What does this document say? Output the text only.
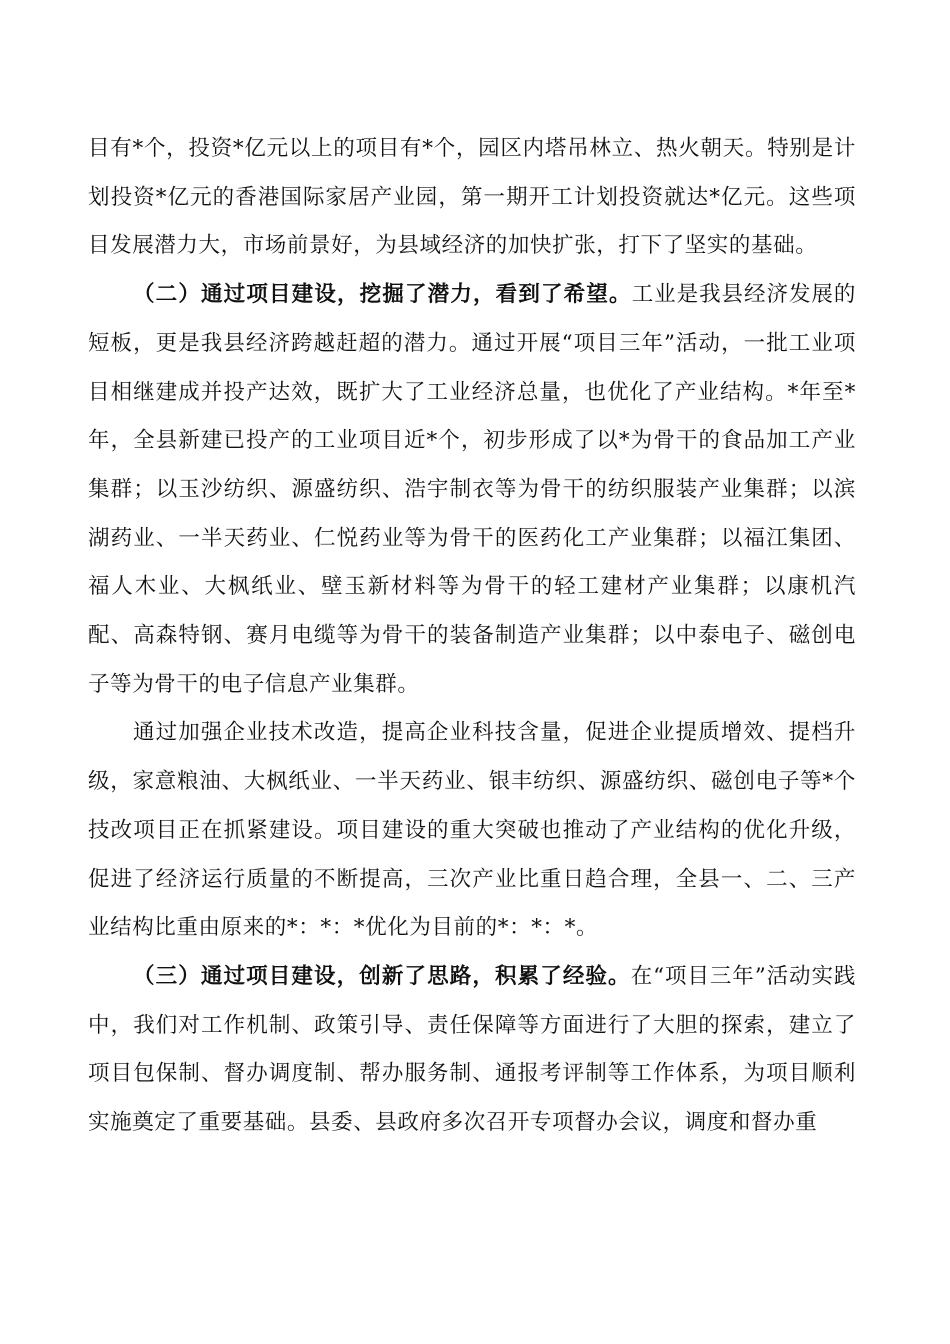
目有*个，投资*亿元以上的项目有*个，园区内塔吊林立、热火朝天。特别是计划投资*亿元的香港国际家居产业园，第一期开工计划投资就达*亿元。这些项目发展潜力大，市场前景好，为县域经济的加快扩张，打下了坚实的基础。

（二）通过项目建设，挖掘了潜力，看到了希望。工业是我县经济发展的短板，更是我县经济跨越赶超的潜力。通过开展“项目三年”活动，一批工业项目相继建成并投产达效，既扩大了工业经济总量，也优化了产业结构。*年至*年，全县新建已投产的工业项目近*个，初步形成了以*为骨干的食品加工产业集群；以玉沙纺织、源盛纺织、浩宇制衣等为骨干的纺织服装产业集群；以滨湖药业、一半天药业、仁悦药业等为骨干的医药化工产业集群；以福江集团、福人木业、大枫纸业、壁玉新材料等为骨干的轻工建材产业集群；以康机汽配、高森特钢、赛月电缆等为骨干的装备制造产业集群；以中泰电子、磁创电子等为骨干的电子信息产业集群。

通过加强企业技术改造，提高企业科技含量，促进企业提质增效、提档升级，家意粮油、大枫纸业、一半天药业、银丰纺织、源盛纺织、磁创电子等*个技改项目正在抓紧建设。项目建设的重大突破也推动了产业结构的优化升级，促进了经济运行质量的不断提高，三次产业比重日趋合理，全县一、二、三产业结构比重由原来的*：*：*优化为目前的*：*：*。

（三）通过项目建设，创新了思路，积累了经验。在“项目三年”活动实践中，我们对工作机制、政策引导、责任保障等方面进行了大胆的探索，建立了项目包保制、督办调度制、帮办服务制、通报考评制等工作体系，为项目顺利实施奠定了重要基础。县委、县政府多次召开专项督办会议，调度和督办重
